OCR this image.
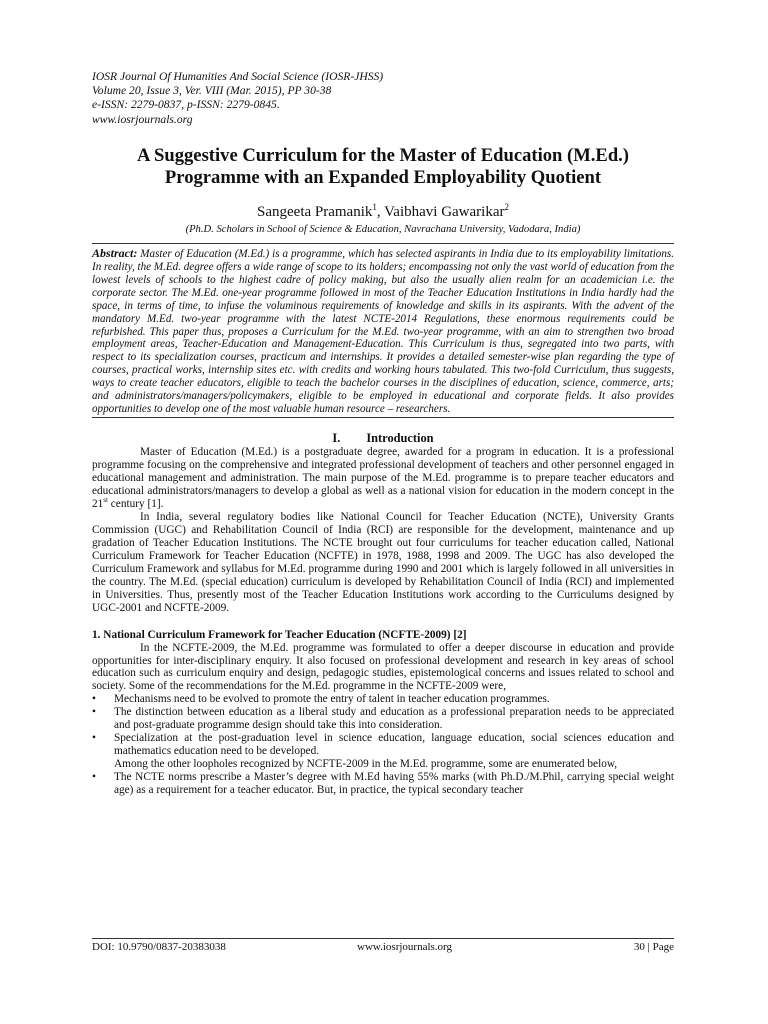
IOSR Journal Of Humanities And Social Science (IOSR-JHSS)
Volume 20, Issue 3, Ver. VIII (Mar. 2015), PP 30-38
e-ISSN: 2279-0837, p-ISSN: 2279-0845.
www.iosrjournals.org
A Suggestive Curriculum for the Master of Education (M.Ed.)
Programme with an Expanded Employability Quotient
Sangeeta Pramanik$^1$, Vaibhavi Gawarikar$^2$
(Ph.D. Scholars in School of Science & Education, Navrachana University, Vadodara, India)
Abstract: Master of Education (M.Ed.) is a programme, which has selected aspirants in India due to its employability limitations. In reality, the M.Ed. degree offers a wide range of scope to its holders; encompassing not only the vast world of education from the lowest levels of schools to the highest cadre of policy making, but also the usually alien realm for an academician i.e. the corporate sector. The M.Ed. one-year programme followed in most of the Teacher Education Institutions in India hardly had the space, in terms of time, to infuse the voluminous requirements of knowledge and skills in its aspirants. With the advent of the mandatory M.Ed. two-year programme with the latest NCTE-2014 Regulations, these enormous requirements could be refurbished. This paper thus, proposes a Curriculum for the M.Ed. two-year programme, with an aim to strengthen two broad employment areas, Teacher-Education and Management-Education. This Curriculum is thus, segregated into two parts, with respect to its specialization courses, practicum and internships. It provides a detailed semester-wise plan regarding the type of courses, practical works, internship sites etc. with credits and working hours tabulated. This two-fold Curriculum, thus suggests, ways to create teacher educators, eligible to teach the bachelor courses in the disciplines of education, science, commerce, arts; and administrators/managers/policymakers, eligible to be employed in educational and corporate fields. It also provides opportunities to develop one of the most valuable human resource – researchers.
I. Introduction

Master of Education (M.Ed.) is a postgraduate degree, awarded for a program in education. It is a professional programme focusing on the comprehensive and integrated professional development of teachers and other personnel engaged in educational management and administration. The main purpose of the M.Ed. programme is to prepare teacher educators and educational administrators/managers to develop a global as well as a national vision for education in the modern concept in the 21st century [1].

In India, several regulatory bodies like National Council for Teacher Education (NCTE), University Grants Commission (UGC) and Rehabilitation Council of India (RCI) are responsible for the development, maintenance and up gradation of Teacher Education Institutions. The NCTE brought out four curriculums for teacher education called, National Curriculum Framework for Teacher Education (NCFTE) in 1978, 1988, 1998 and 2009. The UGC has also developed the Curriculum Framework and syllabus for M.Ed. programme during 1990 and 2001 which is largely followed in all universities in the country. The M.Ed. (special education) curriculum is developed by Rehabilitation Council of India (RCI) and implemented in Universities. Thus, presently most of the Teacher Education Institutions work according to the Curriculums designed by UGC-2001 and NCFTE-2009.

1. National Curriculum Framework for Teacher Education (NCFTE-2009) [2]

In the NCFTE-2009, the M.Ed. programme was formulated to offer a deeper discourse in education and provide opportunities for inter-disciplinary enquiry. It also focused on professional development and research in key areas of school education such as curriculum enquiry and design, pedagogic studies, epistemological concerns and issues related to school and society. Some of the recommendations for the M.Ed. programme in the NCFTE-2009 were,

• Mechanisms need to be evolved to promote the entry of talent in teacher education programmes.
• The distinction between education as a liberal study and education as a professional preparation needs to be appreciated and post-graduate programme design should take this into consideration.
• Specialization at the post-graduation level in science education, language education, social sciences education and mathematics education need to be developed.
Among the other loopholes recognized by NCFTE-2009 in the M.Ed. programme, some are enumerated below,
• The NCTE norms prescribe a Master’s degree with M.Ed having 55% marks (with Ph.D./M.Phil, carrying special weight age) as a requirement for a teacher educator. But, in practice, the typical secondary teacher
DOI: 10.9790/0837-20383038	www.iosrjournals.org	30 | Page
